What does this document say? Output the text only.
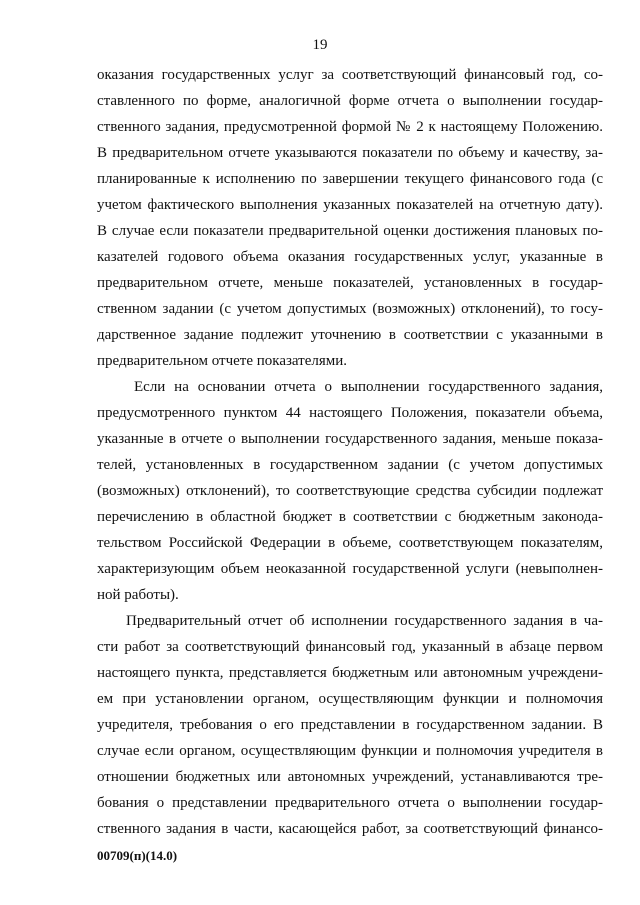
19
оказания государственных услуг за соответствующий финансовый год, со-
ставленного по форме, аналогичной форме отчета о выполнении государ-
ственного задания, предусмотренной формой № 2 к настоящему Положению.
В предварительном отчете указываются показатели по объему и качеству, за-
планированные к исполнению по завершении текущего финансового года (с
учетом фактического выполнения указанных показателей на отчетную дату).
В случае если показатели предварительной оценки достижения плановых по-
казателей годового объема оказания государственных услуг, указанные в
предварительном отчете, меньше показателей, установленных в государ-
ственном задании (с учетом допустимых (возможных) отклонений), то госу-
дарственное задание подлежит уточнению в соответствии с указанными в
предварительном отчете показателями.
Если на основании отчета о выполнении государственного задания,
предусмотренного пунктом 44 настоящего Положения, показатели объема,
указанные в отчете о выполнении государственного задания, меньше показа-
телей, установленных в государственном задании (с учетом допустимых
(возможных) отклонений), то соответствующие средства субсидии подлежат
перечислению в областной бюджет в соответствии с бюджетным законода-
тельством Российской Федерации в объеме, соответствующем показателям,
характеризующим объем неоказанной государственной услуги (невыполнен-
ной работы).
Предварительный отчет об исполнении государственного задания в ча-
сти работ за соответствующий финансовый год, указанный в абзаце первом
настоящего пункта, представляется бюджетным или автономным учреждени-
ем при установлении органом, осуществляющим функции и полномочия
учредителя, требования о его представлении в государственном задании. В
случае если органом, осуществляющим функции и полномочия учредителя в
отношении бюджетных или автономных учреждений, устанавливаются тре-
бования о представлении предварительного отчета о выполнении государ-
ственного задания в части, касающейся работ, за соответствующий финансо-
00709(п)(14.0)
